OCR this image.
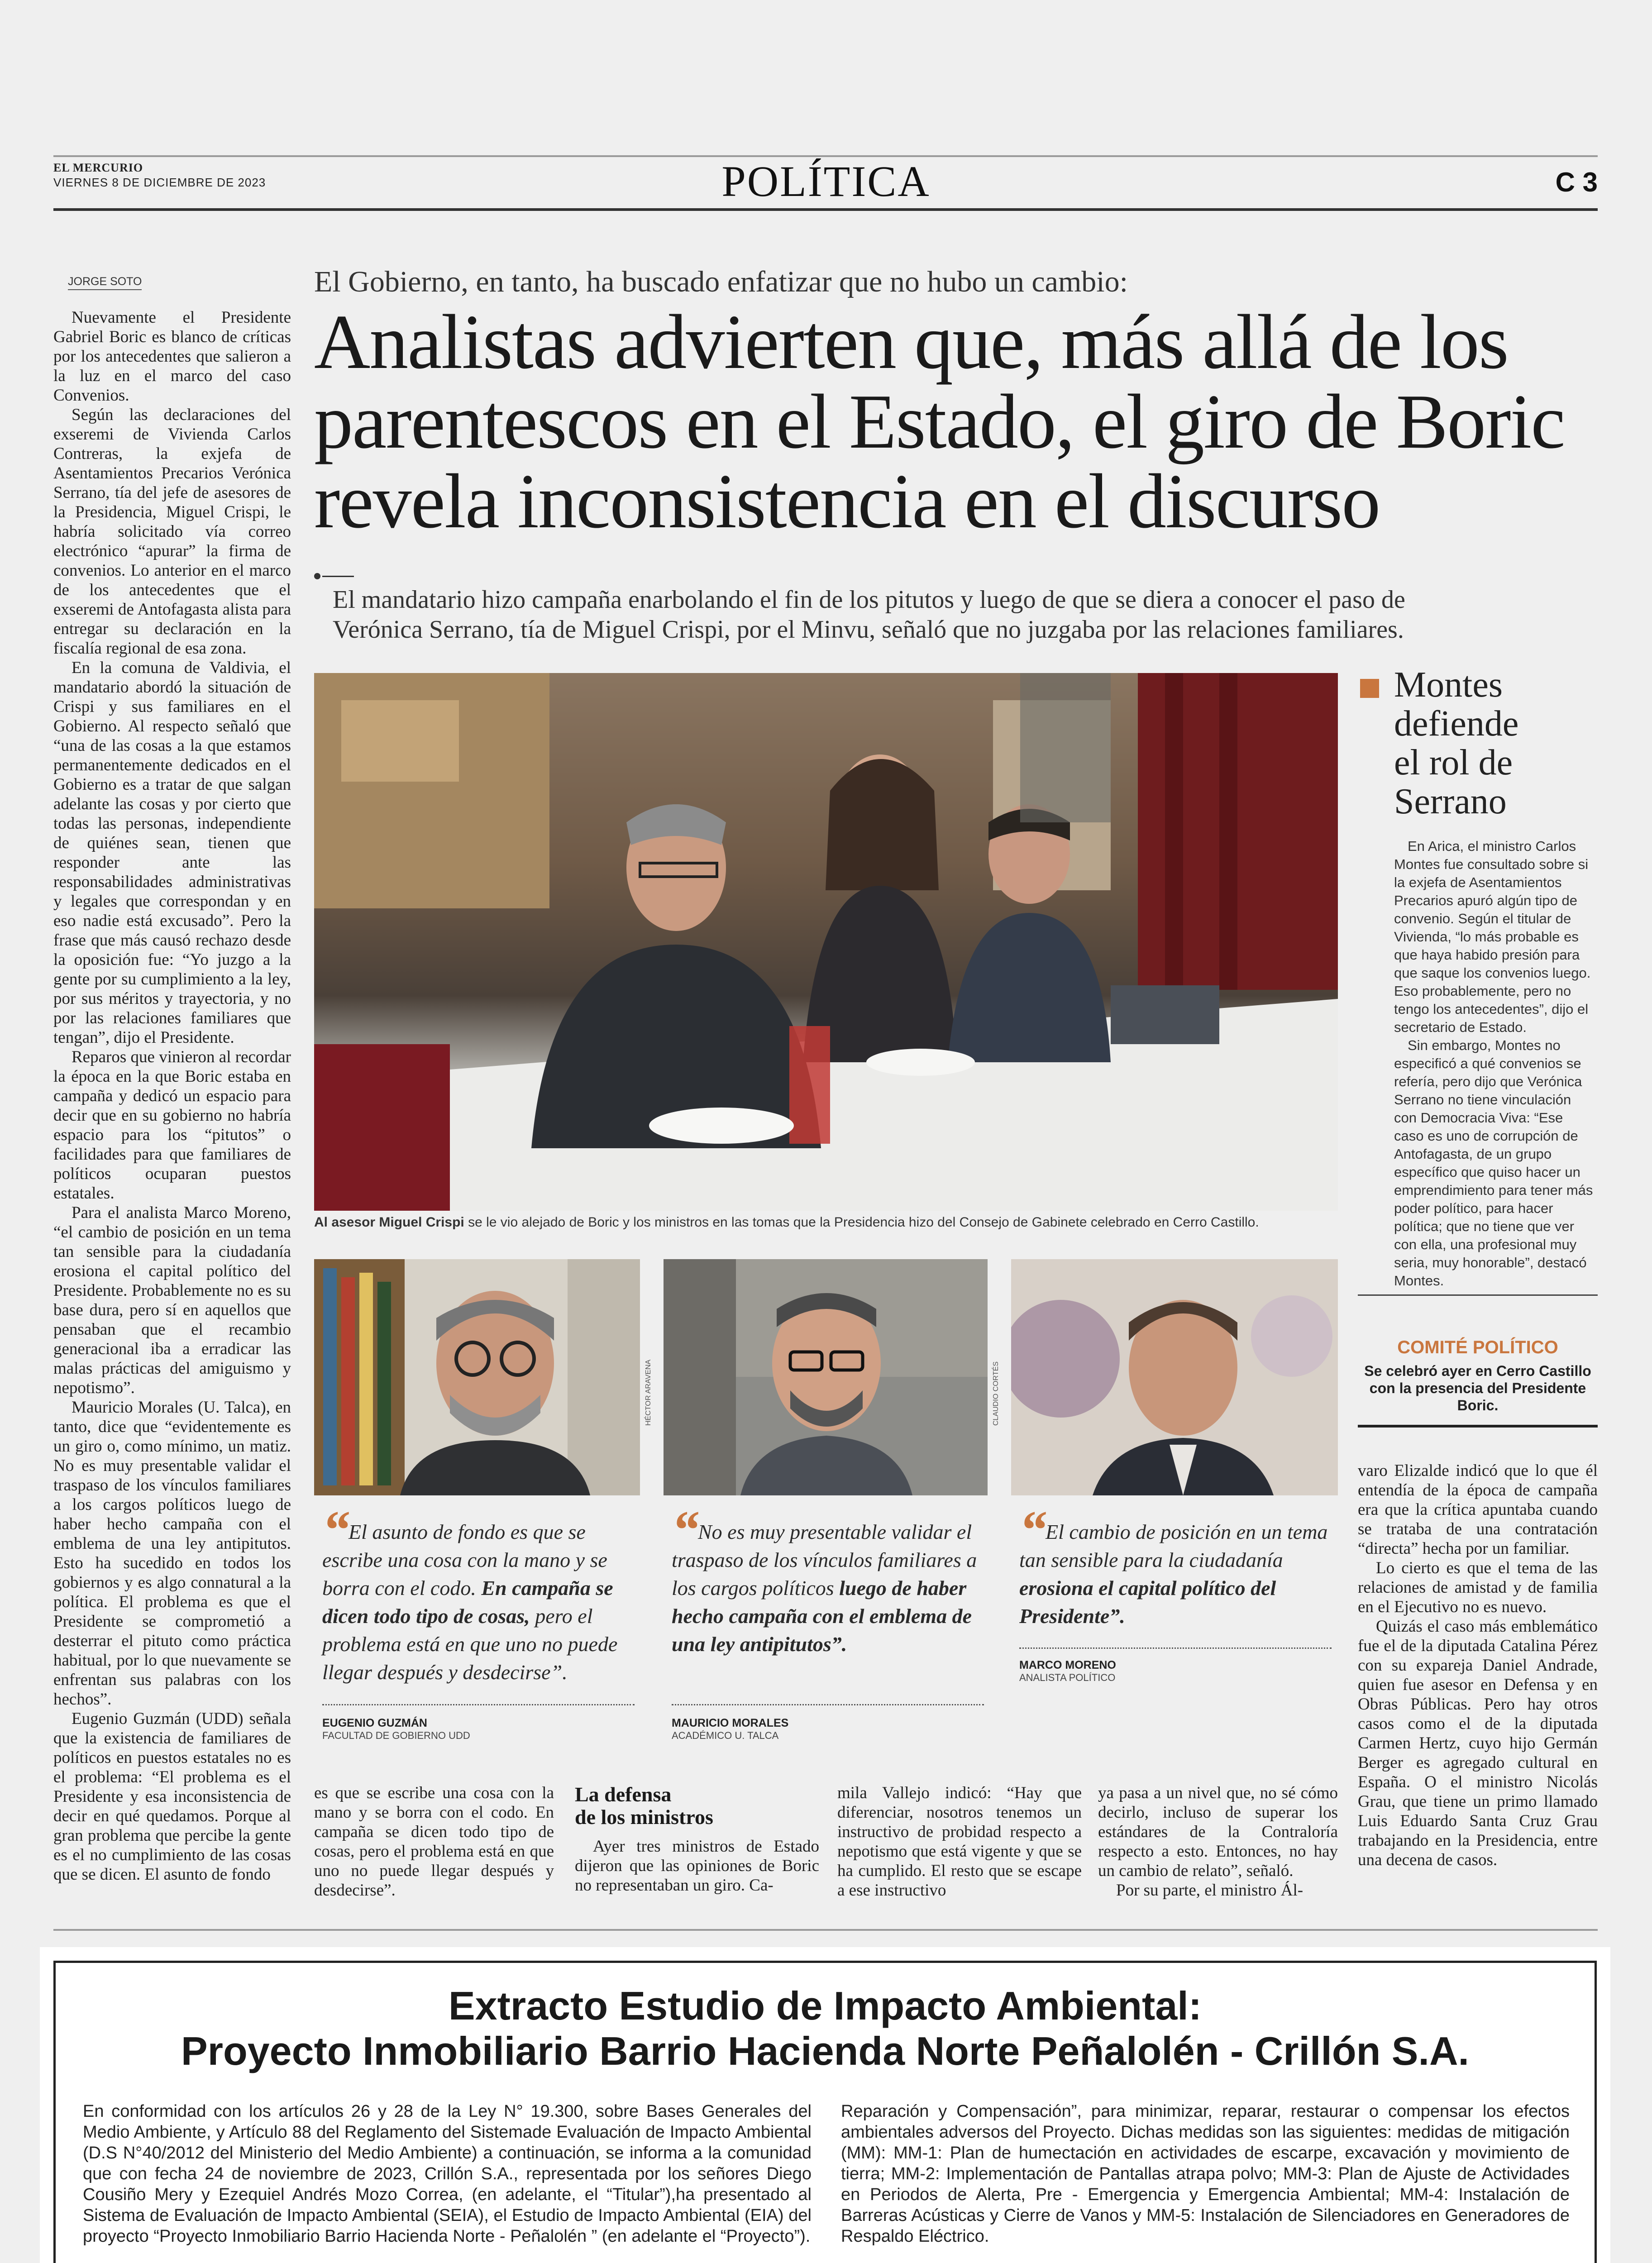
EL MERCURIO
VIERNES 8 DE DICIEMBRE DE 2023	POLÍTICA	C 3
JORGE SOTO

Nuevamente el Presidente Gabriel Boric es blanco de críticas por los antecedentes que salieron a la luz en el marco del caso Convenios.

Según las declaraciones del exseremi de Vivienda Carlos Contreras, la exjefa de Asentamientos Precarios Verónica Serrano, tía del jefe de asesores de la Presidencia, Miguel Crispi, le habría solicitado vía correo electrónico “apurar” la firma de convenios. Lo anterior en el marco de los antecedentes que el exseremi de Antofagasta alista para entregar su declaración en la fiscalía regional de esa zona.

En la comuna de Valdivia, el mandatario abordó la situación de Crispi y sus familiares en el Gobierno. Al respecto señaló que “una de las cosas a la que estamos permanentemente dedicados en el Gobierno es a tratar de que salgan adelante las cosas y por cierto que todas las personas, independiente de quiénes sean, tienen que responder ante las responsabilidades administrativas y legales que correspondan y en eso nadie está excusado”. Pero la frase que más causó rechazo desde la oposición fue: “Yo juzgo a la gente por su cumplimiento a la ley, por sus méritos y trayectoria, y no por las relaciones familiares que tengan”, dijo el Presidente.

Reparos que vinieron al recordar la época en la que Boric estaba en campaña y dedicó un espacio para decir que en su gobierno no habría espacio para los “pitutos” o facilidades para que familiares de políticos ocuparan puestos estatales.

Para el analista Marco Moreno, “el cambio de posición en un tema tan sensible para la ciudadanía erosiona el capital político del Presidente. Probablemente no es su base dura, pero sí en aquellos que pensaban que el recambio generacional iba a erradicar las malas prácticas del amiguismo y nepotismo”.

Mauricio Morales (U. Talca), en tanto, dice que “evidentemente es un giro o, como mínimo, un matiz. No es muy presentable validar el traspaso de los vínculos familiares a los cargos políticos luego de haber hecho campaña con el emblema de una ley antipitutos. Esto ha sucedido en todos los gobiernos y es algo connatural a la política. El problema es que el Presidente se comprometió a desterrar el pituto como práctica habitual, por lo que nuevamente se enfrentan sus palabras con los hechos”.

Eugenio Guzmán (UDD) señala que la existencia de familiares de políticos en puestos estatales no es el problema: “El problema es el Presidente y esa inconsistencia de decir en qué quedamos. Porque al gran problema que percibe la gente es el no cumplimiento de las cosas que se dicen. El asunto de fondo

El Gobierno, en tanto, ha buscado enfatizar que no hubo un cambio:
Analistas advierten que, más allá de los
parentescos en el Estado, el giro de Boric
revela inconsistencia en el discurso
El mandatario hizo campaña enarbolando el fin de los pitutos y luego de que se diera a conocer el paso de
Verónica Serrano, tía de Miguel Crispi, por el Minvu, señaló que no juzgaba por las relaciones familiares.
Al asesor Miguel Crispi se le vio alejado de Boric y los ministros en las tomas que la Presidencia hizo del Consejo de Gabinete celebrado en Cerro Castillo.
HÉCTOR ARAVENA	CLAUDIO CORTÉS
“ El asunto de fondo es que se escribe una cosa con la mano y se borra con el codo. En campaña se dicen todo tipo de cosas, pero el problema está en que uno no puede llegar después y desdecirse”.
EUGENIO GUZMÁN
FACULTAD DE GOBIERNO UDD
“ No es muy presentable validar el traspaso de los vínculos familiares a los cargos políticos luego de haber hecho campaña con el emblema de una ley antipitutos”.
MAURICIO MORALES
ACADÉMICO U. TALCA
“ El cambio de posición en un tema tan sensible para la ciudadanía erosiona el capital político del Presidente”.
MARCO MORENO
ANALISTA POLÍTICO
es que se escribe una cosa con la mano y se borra con el codo. En campaña se dicen todo tipo de cosas, pero el problema está en que uno no puede llegar después y desdecirse”.
La defensa
de los ministros

Ayer tres ministros de Estado dijeron que las opiniones de Boric no representaban un giro. Ca-

mila Vallejo indicó: “Hay que diferenciar, nosotros tenemos un instructivo de probidad respecto a nepotismo que está vigente y que se ha cumplido. El resto que se escape a ese instructivo
ya pasa a un nivel que, no sé cómo decirlo, incluso de superar los estándares de la Contraloría respecto a esto. Entonces, no hay un cambio de relato”, señaló.

Por su parte, el ministro Ál-

Montes
defiende
el rol de
Serrano

En Arica, el ministro Carlos Montes fue consultado sobre si la exjefa de Asentamientos Precarios apuró algún tipo de convenio. Según el titular de Vivienda, “lo más probable es que haya habido presión para que saque los convenios luego. Eso probablemente, pero no tengo los antecedentes”, dijo el secretario de Estado.

Sin embargo, Montes no especificó a qué convenios se refería, pero dijo que Verónica Serrano no tiene vinculación con Democracia Viva: “Ese caso es uno de corrupción de Antofagasta, de un grupo específico que quiso hacer un emprendimiento para tener más poder político, para hacer política; que no tiene que ver con ella, una profesional muy seria, muy honorable”, destacó Montes.

COMITÉ POLÍTICO
Se celebró ayer en Cerro Castillo con la presencia del Presidente Boric.

varo Elizalde indicó que lo que él entendía de la época de campaña era que la crítica apuntaba cuando se trataba de una contratación “directa” hecha por un familiar.

Lo cierto es que el tema de las relaciones de amistad y de familia en el Ejecutivo no es nuevo.

Quizás el caso más emblemático fue el de la diputada Catalina Pérez con su expareja Daniel Andrade, quien fue asesor en Defensa y en Obras Públicas. Pero hay otros casos como el de la diputada Carmen Hertz, cuyo hijo Germán Berger es agregado cultural en España. O el ministro Nicolás Grau, que tiene un primo llamado Luis Eduardo Santa Cruz Grau trabajando en la Presidencia, entre una decena de casos.

Extracto Estudio de Impacto Ambiental:
Proyecto Inmobiliario Barrio Hacienda Norte Peñalolén - Crillón S.A.

En conformidad con los artículos 26 y 28 de la Ley N° 19.300, sobre Bases Generales del Medio Ambiente, y Artículo 88 del Reglamento del Sistemade Evaluación de Impacto Ambiental (D.S N°40/2012 del Ministerio del Medio Ambiente) a continuación, se informa a la comunidad que con fecha 24 de noviembre de 2023, Crillón S.A., representada por los señores Diego Cousiño Mery y Ezequiel Andrés Mozo Correa, (en adelante, el “Titular”),ha presentado al Sistema de Evaluación de Impacto Ambiental (SEIA), el Estudio de Impacto Ambiental (EIA) del proyecto “Proyecto Inmobiliario Barrio Hacienda Norte - Peñalolén ” (en adelante el “Proyecto”).

Reparación y Compensación”, para minimizar, reparar, restaurar o compensar los efectos ambientales adversos del Proyecto. Dichas medidas son las siguientes: medidas de mitigación (MM): MM-1: Plan de humectación en actividades de escarpe, excavación y movimiento de tierra; MM-2: Implementación de Pantallas atrapa polvo; MM-3: Plan de Ajuste de Actividades en Periodos de Alerta, Pre - Emergencia y Emergencia Ambiental; MM-4: Instalación de Barreras Acústicas y Cierre de Vanos y MM-5: Instalación de Silenciadores en Generadores de Respaldo Eléctrico.
